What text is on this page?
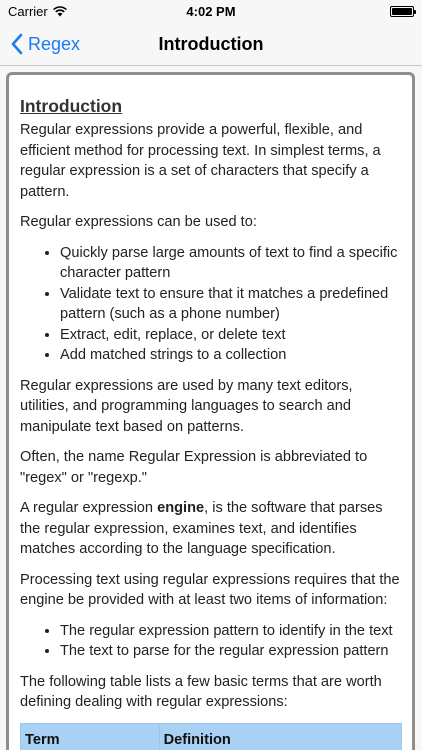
Carrier	4:02 PM
Regex	Introduction
Introduction

Regular expressions provide a powerful, flexible, and efficient method for processing text. In simplest terms, a regular expression is a set of characters that specify a pattern.

Regular expressions can be used to:

• Quickly parse large amounts of text to find a specific character pattern
• Validate text to ensure that it matches a predefined pattern (such as a phone number)
• Extract, edit, replace, or delete text
• Add matched strings to a collection

Regular expressions are used by many text editors, utilities, and programming languages to search and manipulate text based on patterns.

Often, the name Regular Expression is abbreviated to "regex" or "regexp."

A regular expression engine, is the software that parses the regular expression, examines text, and identifies matches according to the language specification.

Processing text using regular expressions requires that the engine be provided with at least two items of information:

• The regular expression pattern to identify in the text
• The text to parse for the regular expression pattern

The following table lists a few basic terms that are worth defining dealing with regular expressions:

Term	Definition
